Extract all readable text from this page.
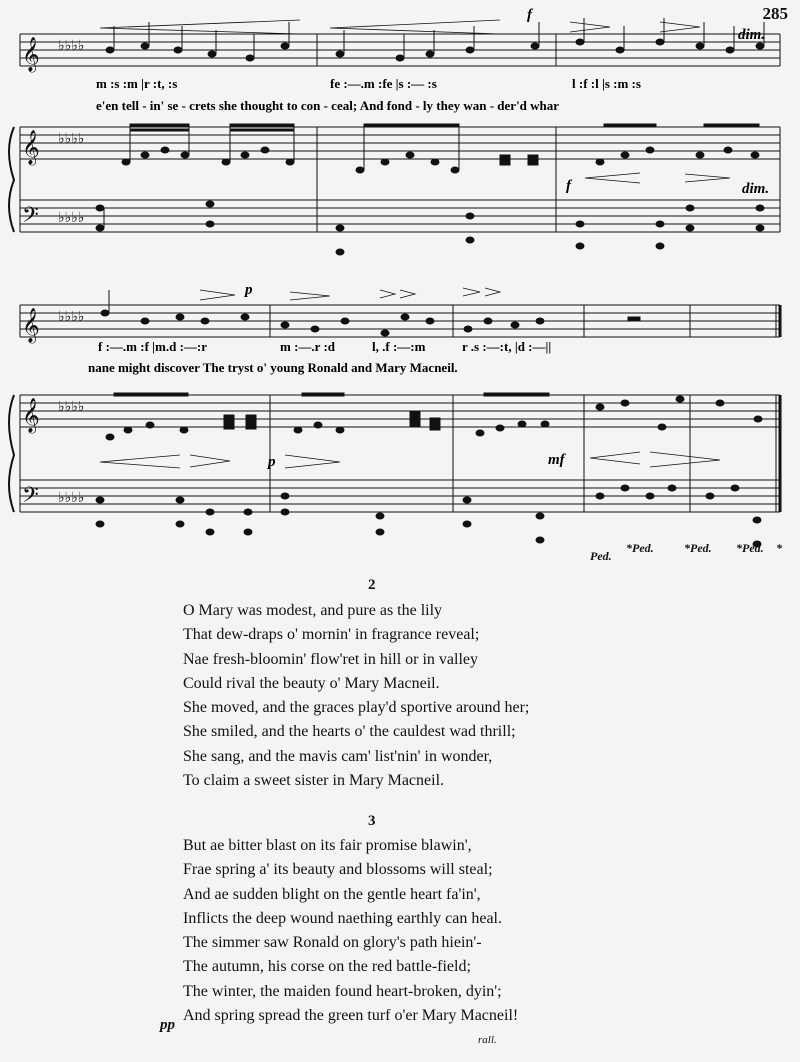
285
𝄞
𝄞
𝄢
♭♭♭♭
♭♭♭♭
♭♭♭♭
f
dim.
f	dim.
m :s :m |r :t, :s	fe :—.m :fe |s :— :s	l :f :l |s :m :s
e'en tell - in' se - crets she thought to con - ceal; And fond - ly they wan - der'd whar
𝄞
𝄞
𝄢
♭♭♭♭
♭♭♭♭
♭♭♭♭
p
p	mf
f :—.m :f |m.d :—:r	m :—.r :d	l, .f :—:m	r .s :—:t, |d :—||
nane might discover The tryst o' young Ronald and Mary Macneil.
Ped.
*Ped.	*Ped. *Ped. *
2
O Mary was modest, and pure as the lily
That dew-draps o' mornin' in fragrance reveal;
Nae fresh-bloomin' flow'ret in hill or in valley
Could rival the beauty o' Mary Macneil.
She moved, and the graces play'd sportive around her;
She smiled, and the hearts o' the cauldest wad thrill;
She sang, and the mavis cam' list'nin' in wonder,
To claim a sweet sister in Mary Macneil.
3
But ae bitter blast on its fair promise blawin',
Frae spring a' its beauty and blossoms will steal;
And ae sudden blight on the gentle heart fa'in',
Inflicts the deep wound naething earthly can heal.
The simmer saw Ronald on glory's path hiein'-
The autumn, his corse on the red battle-field;
The winter, the maiden found heart-broken, dyin';
And spring spread the green turf o'er Mary Macneil!
pp
rall.
